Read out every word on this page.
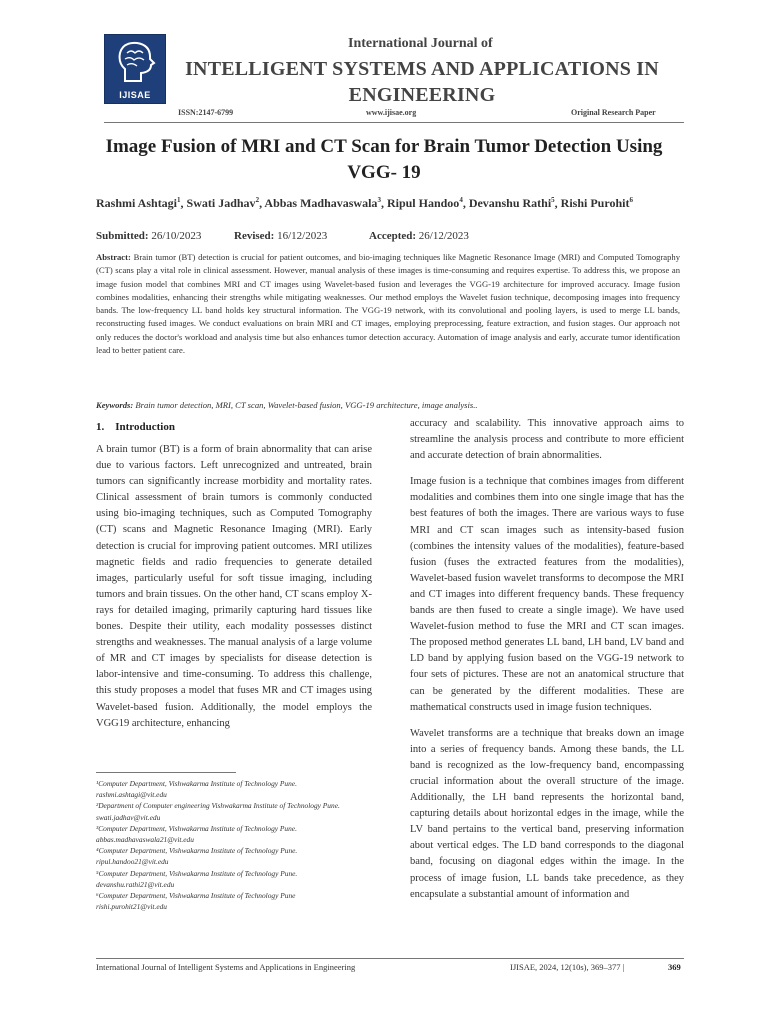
IJISAE
International Journal of
INTELLIGENT SYSTEMS AND APPLICATIONS IN ENGINEERING
ISSN:2147-6799	www.ijisae.org	Original Research Paper
Image Fusion of MRI and CT Scan for Brain Tumor Detection Using VGG- 19
Rashmi Ashtagi$^1$, Swati Jadhav$^2$, Abbas Madhavaswala$^3$, Ripul Handoo$^4$, Devanshu Rathi$^5$, Rishi Purohit$^6$
Submitted: 26/10/2023	Revised: 16/12/2023	Accepted: 26/12/2023
Abstract: Brain tumor (BT) detection is crucial for patient outcomes, and bio-imaging techniques like Magnetic Resonance Image (MRI) and Computed Tomography (CT) scans play a vital role in clinical assessment. However, manual analysis of these images is time-consuming and requires expertise. To address this, we propose an image fusion model that combines MRI and CT images using Wavelet-based fusion and leverages the VGG-19 architecture for improved accuracy. Image fusion combines modalities, enhancing their strengths while mitigating weaknesses. Our method employs the Wavelet fusion technique, decomposing images into frequency bands. The low-frequency LL band holds key structural information. The VGG-19 network, with its convolutional and pooling layers, is used to merge LL bands, reconstructing fused images. We conduct evaluations on brain MRI and CT images, employing preprocessing, feature extraction, and fusion stages. Our approach not only reduces the doctor's workload and analysis time but also enhances tumor detection accuracy. Automation of image analysis and early, accurate tumor identification lead to better patient care.
Keywords: Brain tumor detection, MRI, CT scan, Wavelet-based fusion, VGG-19 architecture, image analysis..
1. Introduction

A brain tumor (BT) is a form of brain abnormality that can arise due to various factors. Left unrecognized and untreated, brain tumors can significantly increase morbidity and mortality rates. Clinical assessment of brain tumors is commonly conducted using bio-imaging techniques, such as Computed Tomography (CT) scans and Magnetic Resonance Imaging (MRI). Early detection is crucial for improving patient outcomes. MRI utilizes magnetic fields and radio frequencies to generate detailed images, particularly useful for soft tissue imaging, including tumors and brain tissues. On the other hand, CT scans employ X-rays for detailed imaging, primarily capturing hard tissues like bones. Despite their utility, each modality possesses distinct strengths and weaknesses. The manual analysis of a large volume of MR and CT images by specialists for disease detection is labor-intensive and time-consuming. To address this challenge, this study proposes a model that fuses MR and CT images using Wavelet-based fusion. Additionally, the model employs the VGG19 architecture, enhancing

accuracy and scalability. This innovative approach aims to streamline the analysis process and contribute to more efficient and accurate detection of brain abnormalities.

Image fusion is a technique that combines images from different modalities and combines them into one single image that has the best features of both the images. There are various ways to fuse MRI and CT scan images such as intensity-based fusion (combines the intensity values of the modalities), feature-based fusion (fuses the extracted features from the modalities), Wavelet-based fusion wavelet transforms to decompose the MRI and CT images into different frequency bands. These frequency bands are then fused to create a single image). We have used Wavelet-fusion method to fuse the MRI and CT scan images. The proposed method generates LL band, LH band, LV band and LD band by applying fusion based on the VGG-19 network to four sets of pictures. These are not an anatomical structure that can be generated by the different modalities. These are mathematical constructs used in image fusion techniques.

Wavelet transforms are a technique that breaks down an image into a series of frequency bands. Among these bands, the LL band is recognized as the low-frequency band, encompassing crucial information about the overall structure of the image. Additionally, the LH band represents the horizontal band, capturing details about horizontal edges in the image, while the LV band pertains to the vertical band, preserving information about vertical edges. The LD band corresponds to the diagonal band, focusing on diagonal edges within the image. In the process of image fusion, LL bands take precedence, as they encapsulate a substantial amount of information and

¹Computer Department, Vishwakarma Institute of Technology Pune.
rashmi.ashtagi@vit.edu
²Department of Computer engineering Vishwakarma Institute of Technology Pune.
swati.jadhav@vit.edu
³Computer Department, Vishwakarma Institute of Technology Pune.
abbas.madhavaswala21@vit.edu
⁴Computer Department, Vishwakarma Institute of Technology Pune.
ripul.handoo21@vit.edu
⁵Computer Department, Vishwakarma Institute of Technology Pune.
devanshu.rathi21@vit.edu
⁶Computer Department, Vishwakarma Institute of Technology Pune
rishi.purohit21@vit.edu
International Journal of Intelligent Systems and Applications in Engineering	IJISAE, 2024, 12(10s), 369–377 |	369
